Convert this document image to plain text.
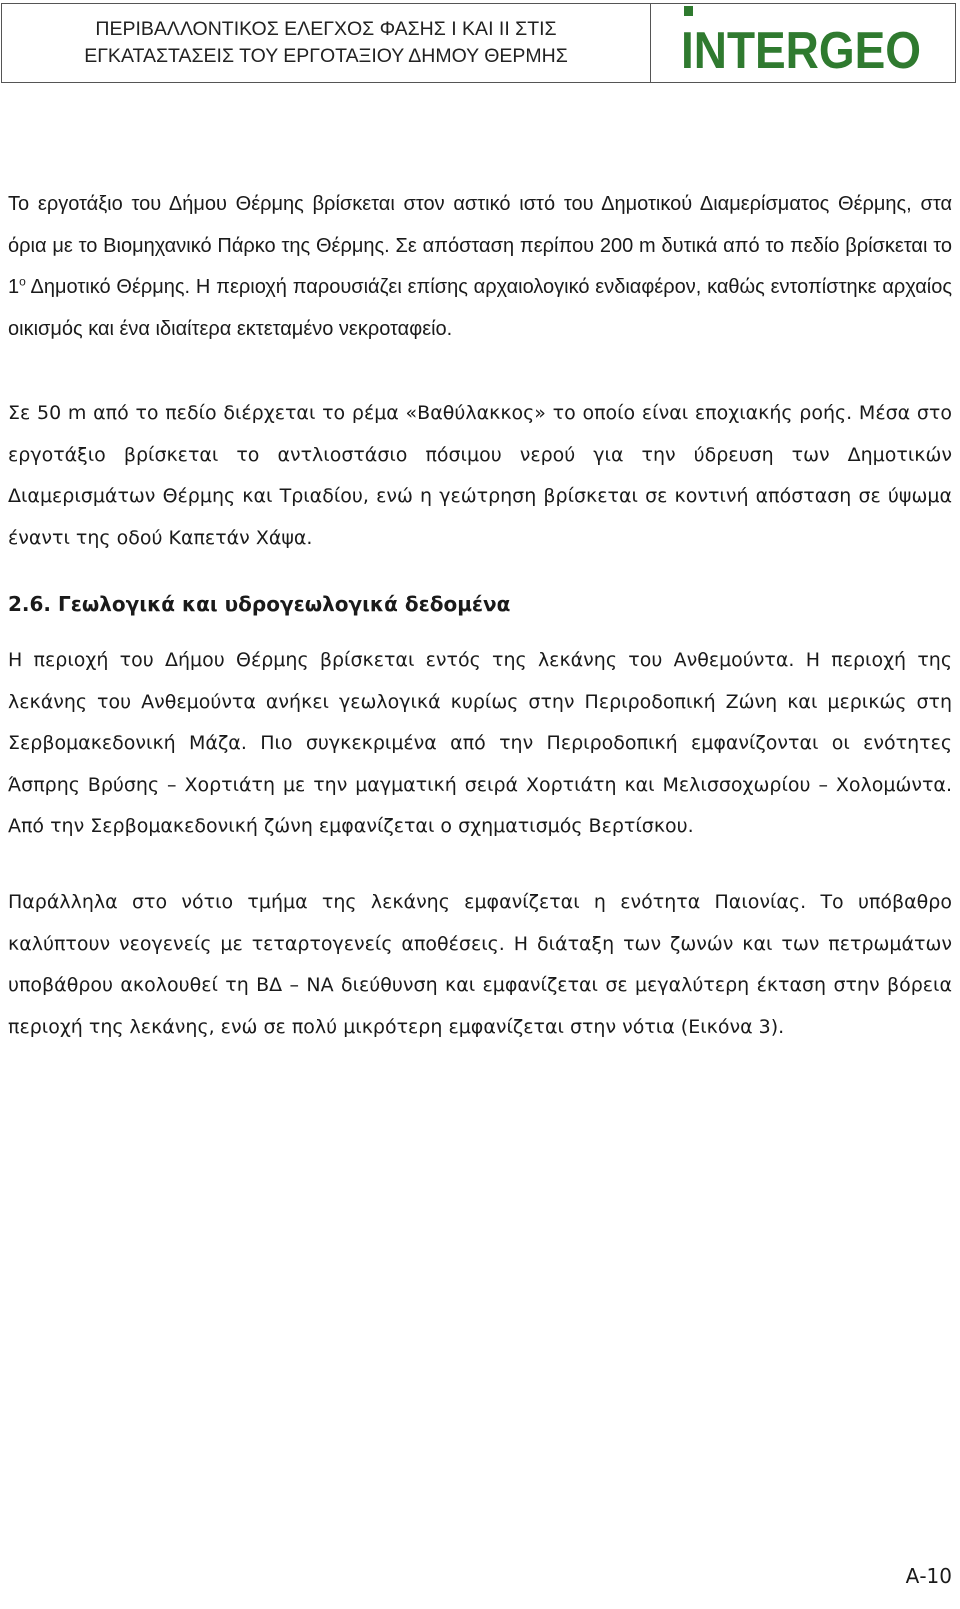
ΠΕΡΙΒΑΛΛΟΝΤΙΚΟΣ ΕΛΕΓΧΟΣ ΦΑΣΗΣ Ι ΚΑΙ ΙΙ ΣΤΙΣ
ΕΓΚΑΤΑΣΤΑΣΕΙΣ ΤΟΥ ΕΡΓΟΤΑΞΙΟΥ ΔΗΜΟΥ ΘΕΡΜΗΣ INTERGEO

Το εργοτάξιο του Δήμου Θέρμης βρίσκεται στον αστικό ιστό του Δημοτικού Διαμερίσματος Θέρμης, στα όρια με το Βιομηχανικό Πάρκο της Θέρμης. Σε απόσταση περίπου 200 m δυτικά από το πεδίο βρίσκεται το $1^o$ Δημοτικό Θέρμης. Η περιοχή παρουσιάζει επίσης αρχαιολογικό ενδιαφέρον, καθώς εντοπίστηκε αρχαίος οικισμός και ένα ιδιαίτερα εκτεταμένο νεκροταφείο.

Σε 50 m από το πεδίο διέρχεται το ρέμα «Βαθύλακκος» το οποίο είναι εποχιακής ροής. Μέσα στο εργοτάξιο βρίσκεται το αντλιοστάσιο πόσιμου νερού για την ύδρευση των Δημοτικών Διαμερισμάτων Θέρμης και Τριαδίου, ενώ η γεώτρηση βρίσκεται σε κοντινή απόσταση σε ύψωμα έναντι της οδού Καπετάν Χάψα.

2.6. Γεωλογικά και υδρογεωλογικά δεδομένα

Η περιοχή του Δήμου Θέρμης βρίσκεται εντός της λεκάνης του Ανθεμούντα. Η περιοχή της λεκάνης του Ανθεμούντα ανήκει γεωλογικά κυρίως στην Περιροδοπική Ζώνη και μερικώς στη Σερβομακεδονική Μάζα. Πιο συγκεκριμένα από την Περιροδοπική εμφανίζονται οι ενότητες Άσπρης Βρύσης – Χορτιάτη με την μαγματική σειρά Χορτιάτη και Μελισσοχωρίου – Χολομώντα. Από την Σερβομακεδονική ζώνη εμφανίζεται ο σχηματισμός Βερτίσκου.

Παράλληλα στο νότιο τμήμα της λεκάνης εμφανίζεται η ενότητα Παιονίας. Το υπόβαθρο καλύπτουν νεογενείς με τεταρτογενείς αποθέσεις. Η διάταξη των ζωνών και των πετρωμάτων υποβάθρου ακολουθεί τη ΒΔ – ΝΑ διεύθυνση και εμφανίζεται σε μεγαλύτερη έκταση στην βόρεια περιοχή της λεκάνης, ενώ σε πολύ μικρότερη εμφανίζεται στην νότια (Εικόνα 3).

Α-10
